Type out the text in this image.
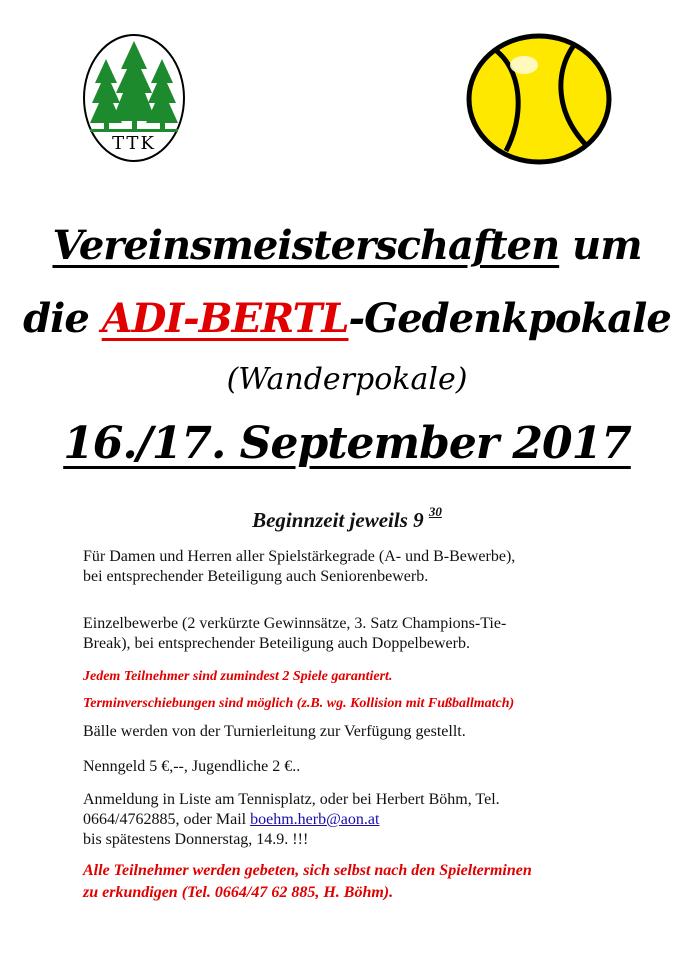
TTK
Vereinsmeisterschaften um
die ADI-BERTL-Gedenkpokale
(Wanderpokale)
16./17. September 2017
Beginnzeit jeweils 9 $^{30}$

Für Damen und Herren aller Spielstärkegrade (A- und B-Bewerbe),
bei entsprechender Beteiligung auch Seniorenbewerb.

Einzelbewerbe (2 verkürzte Gewinnsätze, 3. Satz Champions-Tie-
Break), bei entsprechender Beteiligung auch Doppelbewerb.

Jedem Teilnehmer sind zumindest 2 Spiele garantiert.

Terminverschiebungen sind möglich (z.B. wg. Kollision mit Fußballmatch)

Bälle werden von der Turnierleitung zur Verfügung gestellt.

Nenngeld 5 €,--, Jugendliche 2 €..

Anmeldung in Liste am Tennisplatz, oder bei Herbert Böhm, Tel.
0664/4762885, oder Mail boehm.herb@aon.at
bis spätestens Donnerstag, 14.9. !!!

Alle Teilnehmer werden gebeten, sich selbst nach den Spielterminen
zu erkundigen (Tel. 0664/47 62 885, H. Böhm).
